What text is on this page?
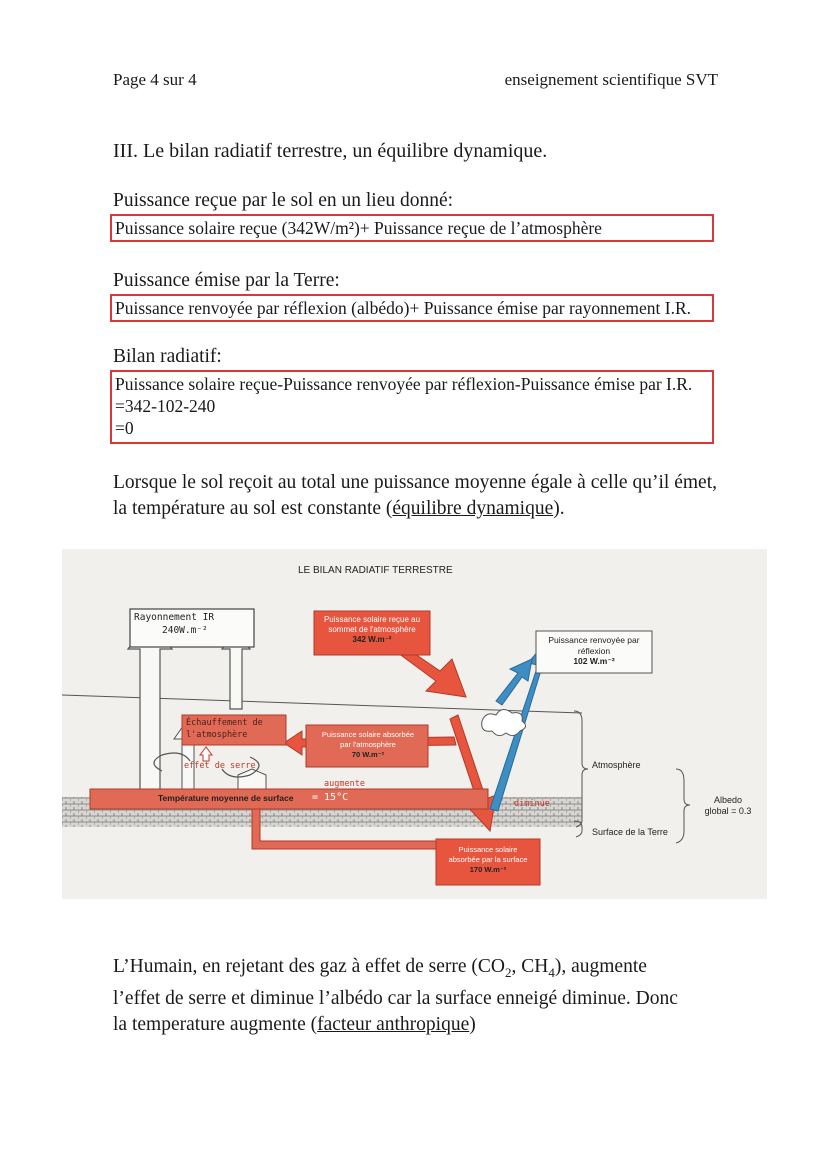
Page 4 sur 4	enseignement scientifique SVT
III. Le bilan radiatif terrestre, un équilibre dynamique.
Puissance reçue par le sol en un lieu donné:
Puissance solaire reçue (342W/m²)+ Puissance reçue de l’atmosphère
Puissance émise par la Terre:
Puissance renvoyée par réflexion (albédo)+ Puissance émise par rayonnement I.R.
Bilan radiatif:
Puissance solaire reçue-Puissance renvoyée par réflexion-Puissance émise par I.R.
=342-102-240
=0
Lorsque le sol reçoit au total une puissance moyenne égale à celle qu’il émet, la température au sol est constante (équilibre dynamique).
LE BILAN RADIATIF TERRESTRE
Rayonnement IR
240W.m⁻²
Puissance solaire reçue au
sommet de l'atmosphère
342 W.m⁻²	Puissance renvoyée par
réflexion
102 W.m⁻²
Échauffement de
l'atmosphère
effet de serre
Puissance solaire absorbée
par l'atmosphère
70 W.m⁻²
augmente
Température moyenne de surface = 15°C
diminue
Puissance solaire
absorbée par la surface
170 W.m⁻²
Atmosphère
Surface de la Terre
Albedo
global = 0.3
L’Humain, en rejetant des gaz à effet de serre ($CO_2$, $CH_4$), augmente
l’effet de serre et diminue l’albédo car la surface enneigé diminue. Donc
la temperature augmente (facteur anthropique)
